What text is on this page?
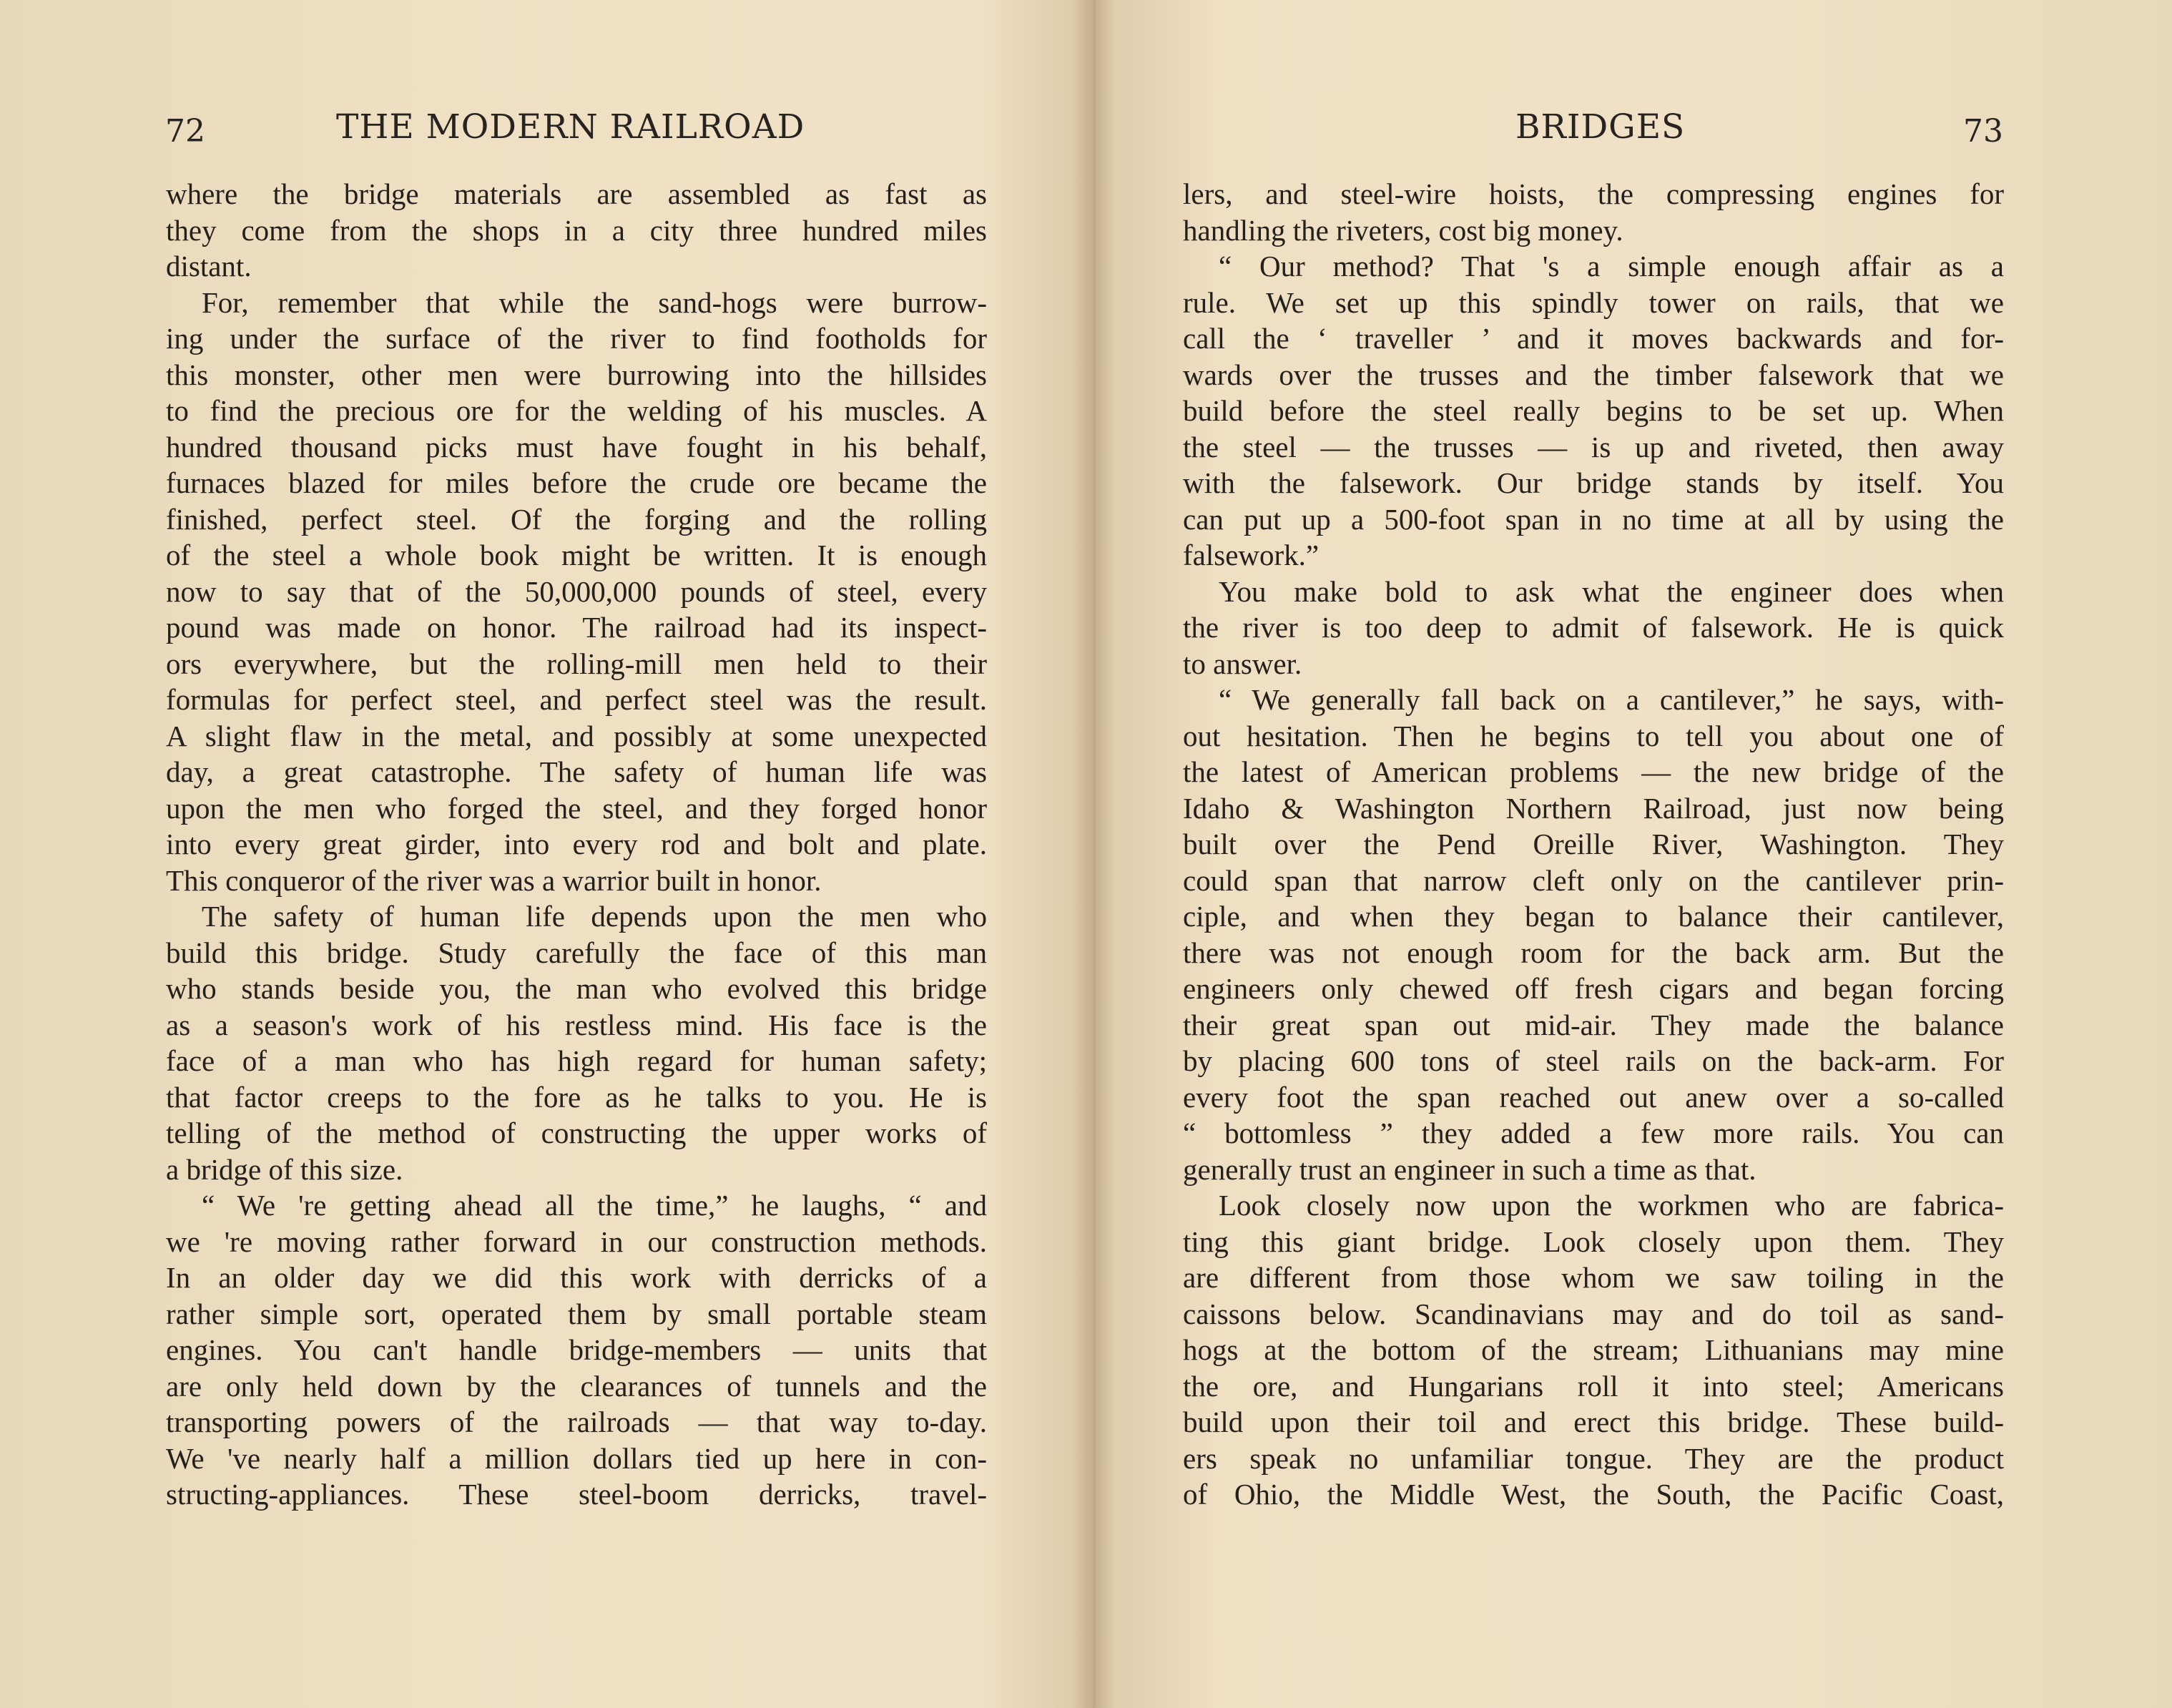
72	THE MODERN RAILROAD
where the bridge materials are assembled as fast as
they come from the shops in a city three hundred miles
distant.
For, remember that while the sand-hogs were burrow-
ing under the surface of the river to find footholds for
this monster, other men were burrowing into the hillsides
to find the precious ore for the welding of his muscles. A
hundred thousand picks must have fought in his behalf,
furnaces blazed for miles before the crude ore became the
finished, perfect steel. Of the forging and the rolling
of the steel a whole book might be written. It is enough
now to say that of the 50,000,000 pounds of steel, every
pound was made on honor. The railroad had its inspect-
ors everywhere, but the rolling-mill men held to their
formulas for perfect steel, and perfect steel was the result.
A slight flaw in the metal, and possibly at some unexpected
day, a great catastrophe. The safety of human life was
upon the men who forged the steel, and they forged honor
into every great girder, into every rod and bolt and plate.
This conqueror of the river was a warrior built in honor.
The safety of human life depends upon the men who
build this bridge. Study carefully the face of this man
who stands beside you, the man who evolved this bridge
as a season's work of his restless mind. His face is the
face of a man who has high regard for human safety;
that factor creeps to the fore as he talks to you. He is
telling of the method of constructing the upper works of
a bridge of this size.
“ We 're getting ahead all the time,” he laughs, “ and
we 're moving rather forward in our construction methods.
In an older day we did this work with derricks of a
rather simple sort, operated them by small portable steam
engines. You can't handle bridge-members — units that
are only held down by the clearances of tunnels and the
transporting powers of the railroads — that way to-day.
We 've nearly half a million dollars tied up here in con-
structing-appliances. These steel-boom derricks, travel-
BRIDGES	73
lers, and steel-wire hoists, the compressing engines for
handling the riveters, cost big money.
“ Our method? That 's a simple enough affair as a
rule. We set up this spindly tower on rails, that we
call the ‘ traveller ’ and it moves backwards and for-
wards over the trusses and the timber falsework that we
build before the steel really begins to be set up. When
the steel — the trusses — is up and riveted, then away
with the falsework. Our bridge stands by itself. You
can put up a 500-foot span in no time at all by using the
falsework.”
You make bold to ask what the engineer does when
the river is too deep to admit of falsework. He is quick
to answer.
“ We generally fall back on a cantilever,” he says, with-
out hesitation. Then he begins to tell you about one of
the latest of American problems — the new bridge of the
Idaho & Washington Northern Railroad, just now being
built over the Pend Oreille River, Washington. They
could span that narrow cleft only on the cantilever prin-
ciple, and when they began to balance their cantilever,
there was not enough room for the back arm. But the
engineers only chewed off fresh cigars and began forcing
their great span out mid-air. They made the balance
by placing 600 tons of steel rails on the back-arm. For
every foot the span reached out anew over a so-called
“ bottomless ” they added a few more rails. You can
generally trust an engineer in such a time as that.
Look closely now upon the workmen who are fabrica-
ting this giant bridge. Look closely upon them. They
are different from those whom we saw toiling in the
caissons below. Scandinavians may and do toil as sand-
hogs at the bottom of the stream; Lithuanians may mine
the ore, and Hungarians roll it into steel; Americans
build upon their toil and erect this bridge. These build-
ers speak no unfamiliar tongue. They are the product
of Ohio, the Middle West, the South, the Pacific Coast,
